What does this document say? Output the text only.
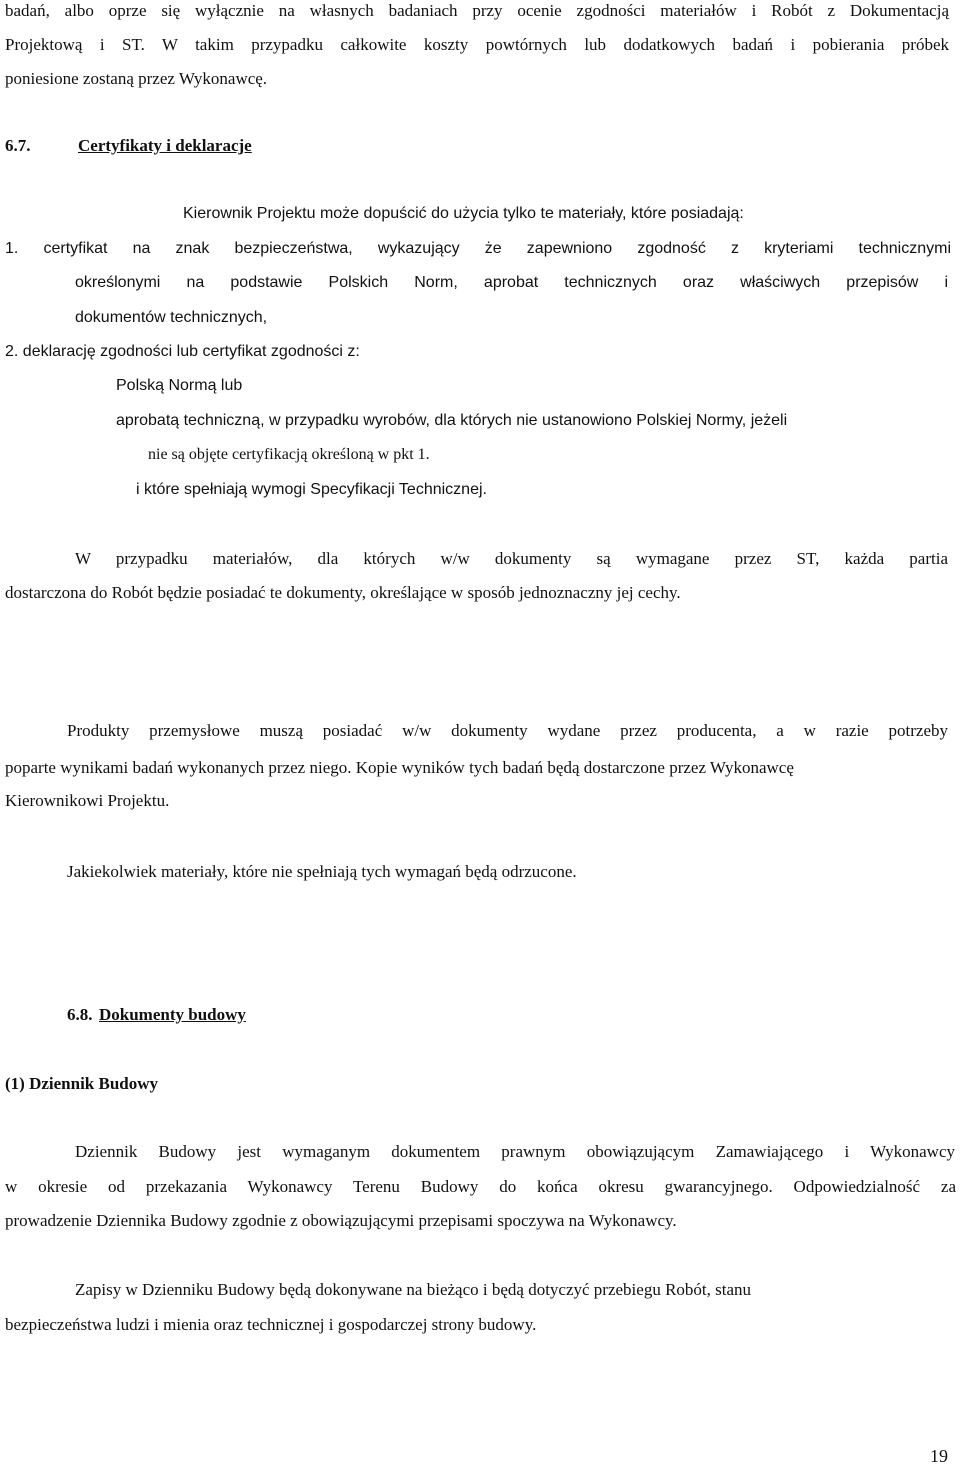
badań, albo oprze się wyłącznie na własnych badaniach przy ocenie zgodności materiałów i Robót z Dokumentacją
Projektową i ST. W takim przypadku całkowite koszty powtórnych lub dodatkowych badań i pobierania próbek
poniesione zostaną przez Wykonawcę.
6.7.	Certyfikaty i deklaracje
Kierownik Projektu może dopuścić do użycia tylko te materiały, które posiadają:
1. certyfikat na znak bezpieczeństwa, wykazujący że zapewniono zgodność z kryteriami technicznymi
określonymi na podstawie Polskich Norm, aprobat technicznych oraz właściwych przepisów i
dokumentów technicznych,
2. deklarację zgodności lub certyfikat zgodności z:
Polską Normą lub
aprobatą techniczną, w przypadku wyrobów, dla których nie ustanowiono Polskiej Normy, jeżeli
nie są objęte certyfikacją określoną w pkt 1.
i które spełniają wymogi Specyfikacji Technicznej.
W przypadku materiałów, dla których w/w dokumenty są wymagane przez ST, każda partia
dostarczona do Robót będzie posiadać te dokumenty, określające w sposób jednoznaczny jej cechy.
Produkty przemysłowe muszą posiadać w/w dokumenty wydane przez producenta, a w razie potrzeby
poparte wynikami badań wykonanych przez niego. Kopie wyników tych badań będą dostarczone przez Wykonawcę
Kierownikowi Projektu.
Jakiekolwiek materiały, które nie spełniają tych wymagań będą odrzucone.
6.8. Dokumenty budowy
(1) Dziennik Budowy
Dziennik Budowy jest wymaganym dokumentem prawnym obowiązującym Zamawiającego i Wykonawcy
w okresie od przekazania Wykonawcy Terenu Budowy do końca okresu gwarancyjnego. Odpowiedzialność za
prowadzenie Dziennika Budowy zgodnie z obowiązującymi przepisami spoczywa na Wykonawcy.
Zapisy w Dzienniku Budowy będą dokonywane na bieżąco i będą dotyczyć przebiegu Robót, stanu
bezpieczeństwa ludzi i mienia oraz technicznej i gospodarczej strony budowy.
19
